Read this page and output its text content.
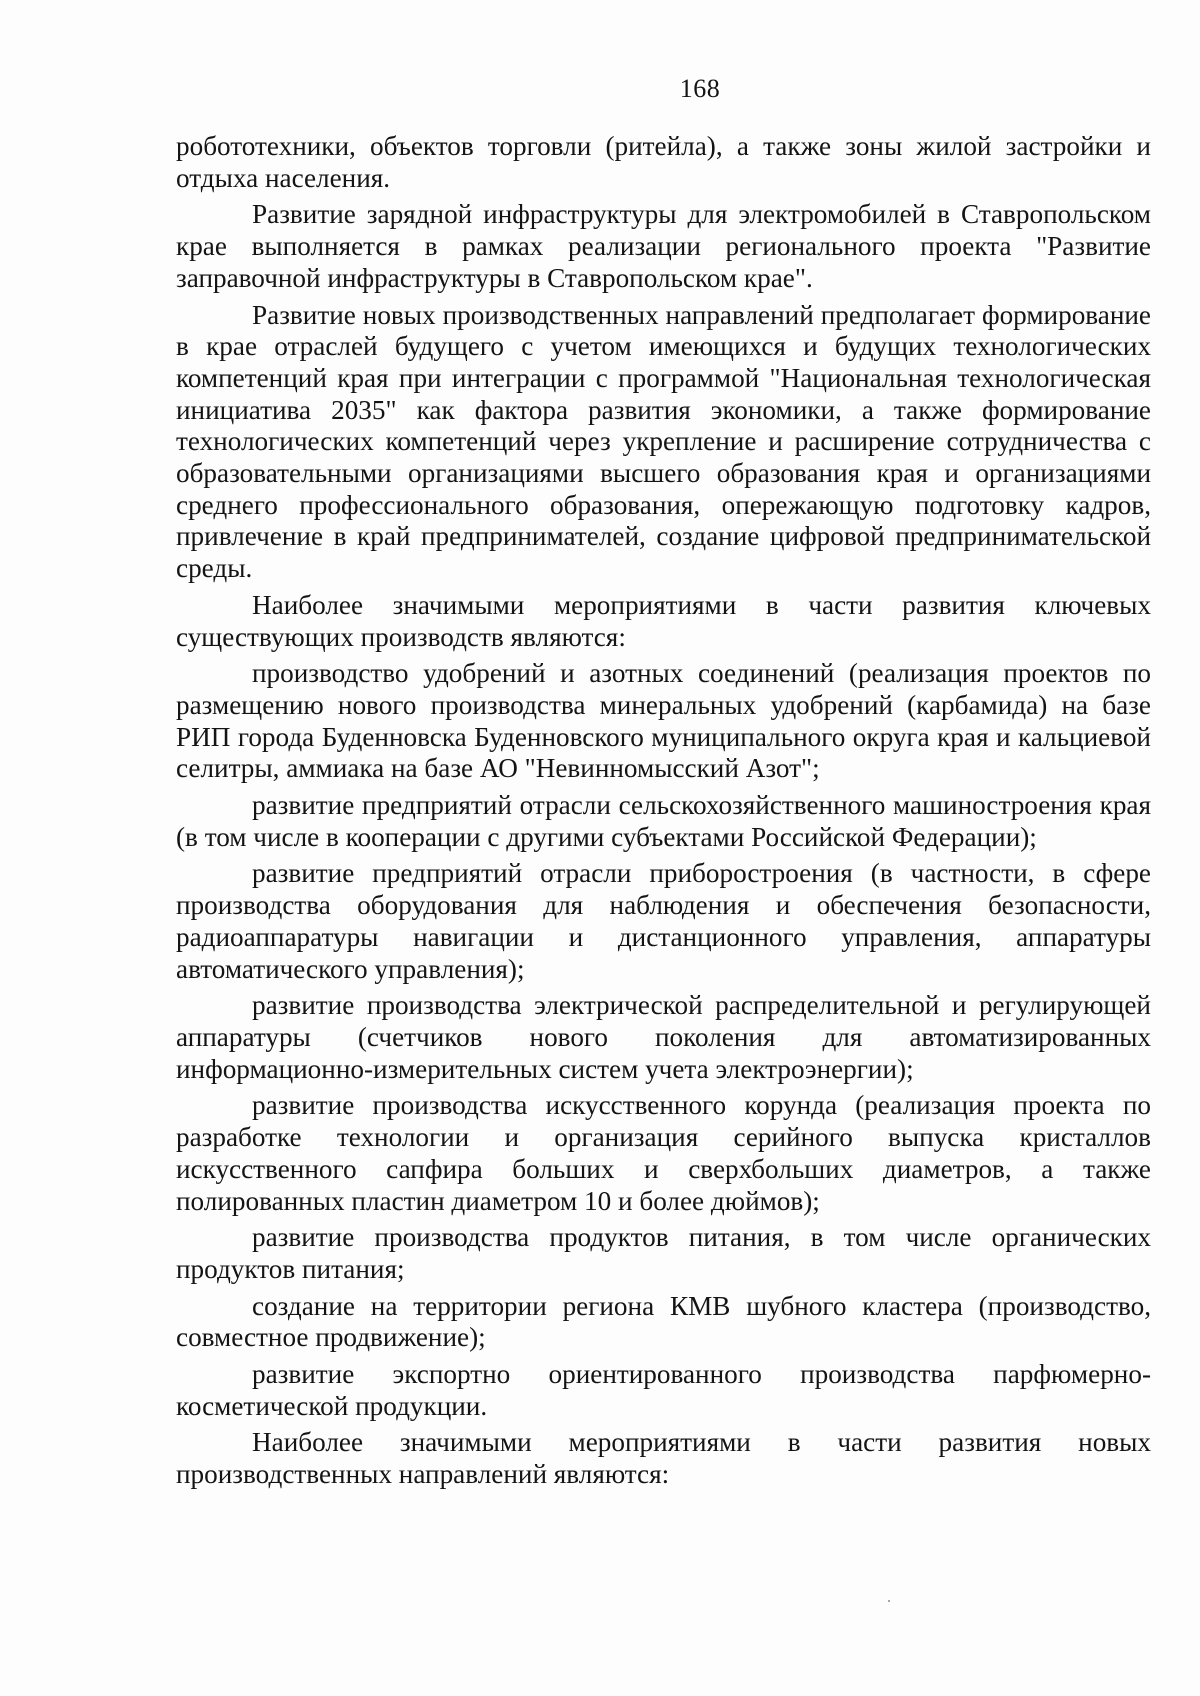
168

робототехники, объектов торговли (ритейла), а также зоны жилой застройки и отдыха населения.

Развитие зарядной инфраструктуры для электромобилей в Ставропольском крае выполняется в рамках реализации регионального проекта "Развитие заправочной инфраструктуры в Ставропольском крае".

Развитие новых производственных направлений предполагает формирование в крае отраслей будущего с учетом имеющихся и будущих технологических компетенций края при интеграции с программой "Национальная технологическая инициатива 2035" как фактора развития экономики, а также формирование технологических компетенций через укрепление и расширение сотрудничества с образовательными организациями высшего образования края и организациями среднего профессионального образования, опережающую подготовку кадров, привлечение в край предпринимателей, создание цифровой предпринимательской среды.

Наиболее значимыми мероприятиями в части развития ключевых существующих производств являются:

производство удобрений и азотных соединений (реализация проектов по размещению нового производства минеральных удобрений (карбамида) на базе РИП города Буденновска Буденновского муниципального округа края и кальциевой селитры, аммиака на базе АО "Невинномысский Азот";

развитие предприятий отрасли сельскохозяйственного машиностроения края (в том числе в кооперации с другими субъектами Российской Федерации);

развитие предприятий отрасли приборостроения (в частности, в сфере производства оборудования для наблюдения и обеспечения безопасности, радиоаппаратуры навигации и дистанционного управления, аппаратуры автоматического управления);

развитие производства электрической распределительной и регулирующей аппаратуры (счетчиков нового поколения для автоматизированных информационно-измерительных систем учета электроэнергии);

развитие производства искусственного корунда (реализация проекта по разработке технологии и организация серийного выпуска кристаллов искусственного сапфира больших и сверхбольших диаметров, а также полированных пластин диаметром 10 и более дюймов);

развитие производства продуктов питания, в том числе органических продуктов питания;

создание на территории региона КМВ шубного кластера (производство, совместное продвижение);

развитие экспортно ориентированного производства парфюмерно-косметической продукции.

Наиболее значимыми мероприятиями в части развития новых производственных направлений являются:
